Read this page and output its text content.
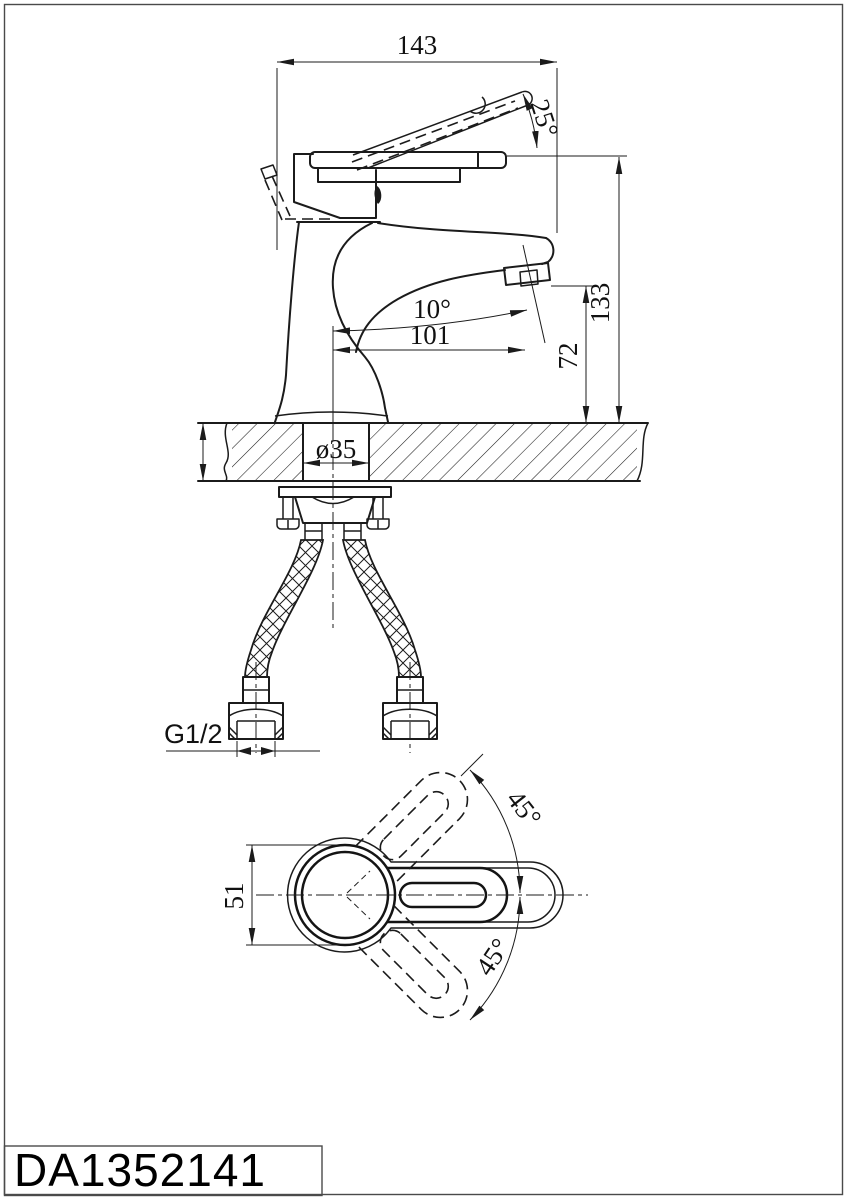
143
25°
10°
101
72
133
ø35
G1/2
45°
45°
51
DA1352141
